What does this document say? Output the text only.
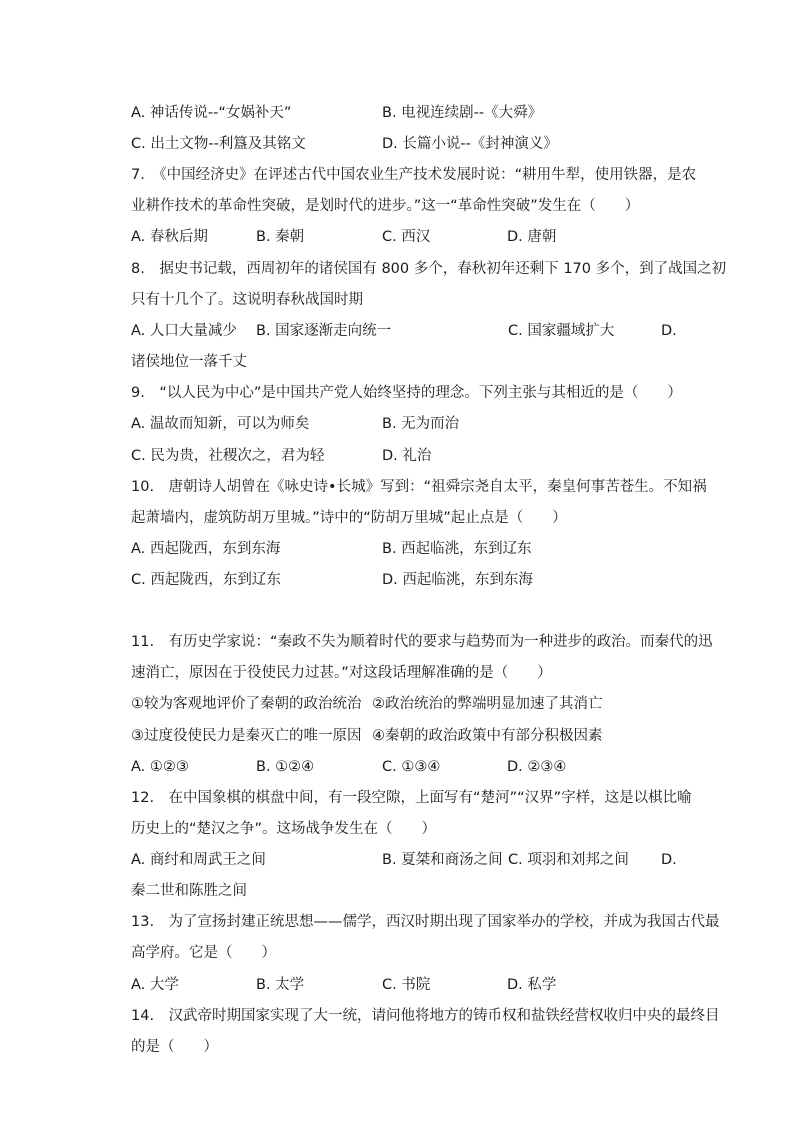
A. 神话传说--“女娲补天”	B. 电视连续剧--《大舜》
C. 出土文物--利簋及其铭文	D. 长篇小说--《封神演义》
7.　《中国经济史》在评述古代中国农业生产技术发展时说：“耕用牛犁，使用铁器，是农
业耕作技术的革命性突破，是划时代的进步。”这一“革命性突破”发生在（　　）
A. 春秋后期	B. 秦朝	C. 西汉	D. 唐朝
8.　据史书记载，西周初年的诸侯国有 800 多个，春秋初年还剩下 170 多个，到了战国之初
只有十几个了。这说明春秋战国时期
A. 人口大量减少 B. 国家逐渐走向统一	C. 国家疆域扩大	D.
诸侯地位一落千丈
9.　“以人民为中心”是中国共产党人始终坚持的理念。下列主张与其相近的是（　　）
A. 温故而知新，可以为师矣	B. 无为而治
C. 民为贵，社稷次之，君为轻	D. 礼治
10.　唐朝诗人胡曾在《咏史诗•长城》写到：“祖舜宗尧自太平，秦皇何事苦苍生。不知祸
起萧墙内，虚筑防胡万里城。”诗中的“防胡万里城”起止点是（　　）
A. 西起陇西，东到东海	B. 西起临洮，东到辽东
C. 西起陇西，东到辽东	D. 西起临洮，东到东海
11.　有历史学家说：“秦政不失为顺着时代的要求与趋势而为一种进步的政治。而秦代的迅
速消亡，原因在于役使民力过甚。”对这段话理解准确的是（　　）
①较为客观地评价了秦朝的政治统治 ②政治统治的弊端明显加速了其消亡
③过度役使民力是秦灭亡的唯一原因 ④秦朝的政治政策中有部分积极因素
A. ①②③	B. ①②④	C. ①③④	D. ②③④
12.　在中国象棋的棋盘中间，有一段空隙，上面写有“楚河”“汉界”字样，这是以棋比喻
历史上的“楚汉之争”。这场战争发生在（　　）
A. 商纣和周武王之间	B. 夏桀和商汤之间 C. 项羽和刘邦之间 D.
秦二世和陈胜之间
13.　为了宣扬封建正统思想——儒学，西汉时期出现了国家举办的学校，并成为我国古代最
高学府。它是（　　）
A. 大学	B. 太学	C. 书院	D. 私学
14.　汉武帝时期国家实现了大一统，请问他将地方的铸币权和盐铁经营权收归中央的最终目
的是（　　）
